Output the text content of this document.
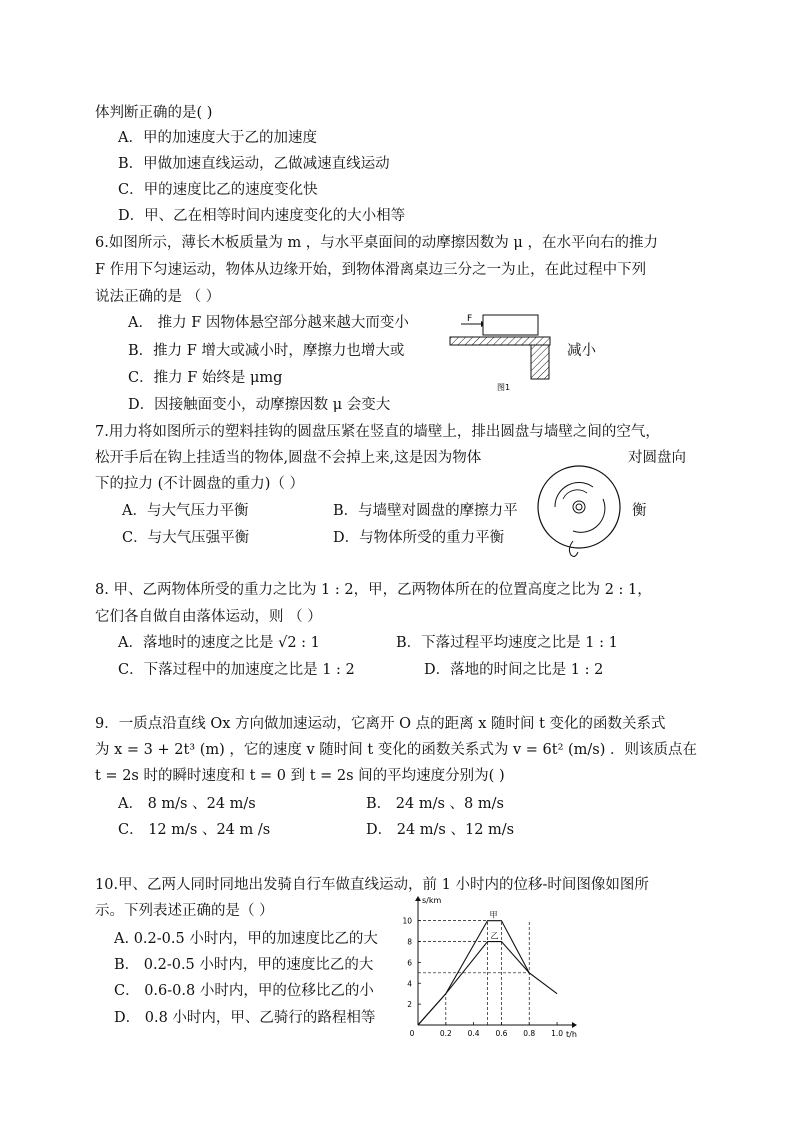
体判断正确的是( )
A．甲的加速度大于乙的加速度
B．甲做加速直线运动，乙做减速直线运动
C．甲的速度比乙的速度变化快
D．甲、乙在相等时间内速度变化的大小相等
6.如图所示，薄长木板质量为 m ，与水平桌面间的动摩擦因数为 μ ，在水平向右的推力
F 作用下匀速运动，物体从边缘开始，到物体滑离桌边三分之一为止，在此过程中下列
说法正确的是 （ ）
A． 推力 F 因物体悬空部分越来越大而变小
B．推力 F 增大或减小时，摩擦力也增大或	减小
C．推力 F 始终是 μmg
D．因接触面变小，动摩擦因数 μ 会变大
F
图1
7.用力将如图所示的塑料挂钩的圆盘压紧在竖直的墙壁上，排出圆盘与墙壁之间的空气，
松开手后在钩上挂适当的物体,圆盘不会掉上来,这是因为物体	对圆盘向
下的拉力 (不计圆盘的重力)（ ）
A．与大气压力平衡	B．与墙壁对圆盘的摩擦力平	衡
C．与大气压强平衡	D．与物体所受的重力平衡
8. 甲、乙两物体所受的重力之比为 1 : 2，甲，乙两物体所在的位置高度之比为 2 : 1，
它们各自做自由落体运动，则 （ ）
A．落地时的速度之比是 √2 : 1	B．下落过程平均速度之比是 1 : 1
C．下落过程中的加速度之比是 1 : 2	D．落地的时间之比是 1 : 2
9．一质点沿直线 Ox 方向做加速运动，它离开 O 点的距离 x 随时间 t 变化的函数关系式
为 x = 3 + 2t³ (m) ，它的速度 v 随时间 t 变化的函数关系式为 v = 6t² (m/s) ．则该质点在
t = 2s 时的瞬时速度和 t = 0 到 t = 2s 间的平均速度分别为( )
A． 8 m/s 、24 m/s	B． 24 m/s 、8 m/s
C． 12 m/s 、24 m /s	D． 24 m/s 、12 m/s
10.甲、乙两人同时同地出发骑自行车做直线运动，前 1 小时内的位移-时间图像如图所
示。下列表述正确的是（ ）
A. 0.2-0.5 小时内，甲的加速度比乙的大
B． 0.2-0.5 小时内，甲的速度比乙的大
C． 0.6-0.8 小时内，甲的位移比乙的小
D． 0.8 小时内，甲、乙骑行的路程相等
s/km
t/h
0	0.2 0.4 0.6 0.8 1.0
2
4
6
8
10
甲
乙
